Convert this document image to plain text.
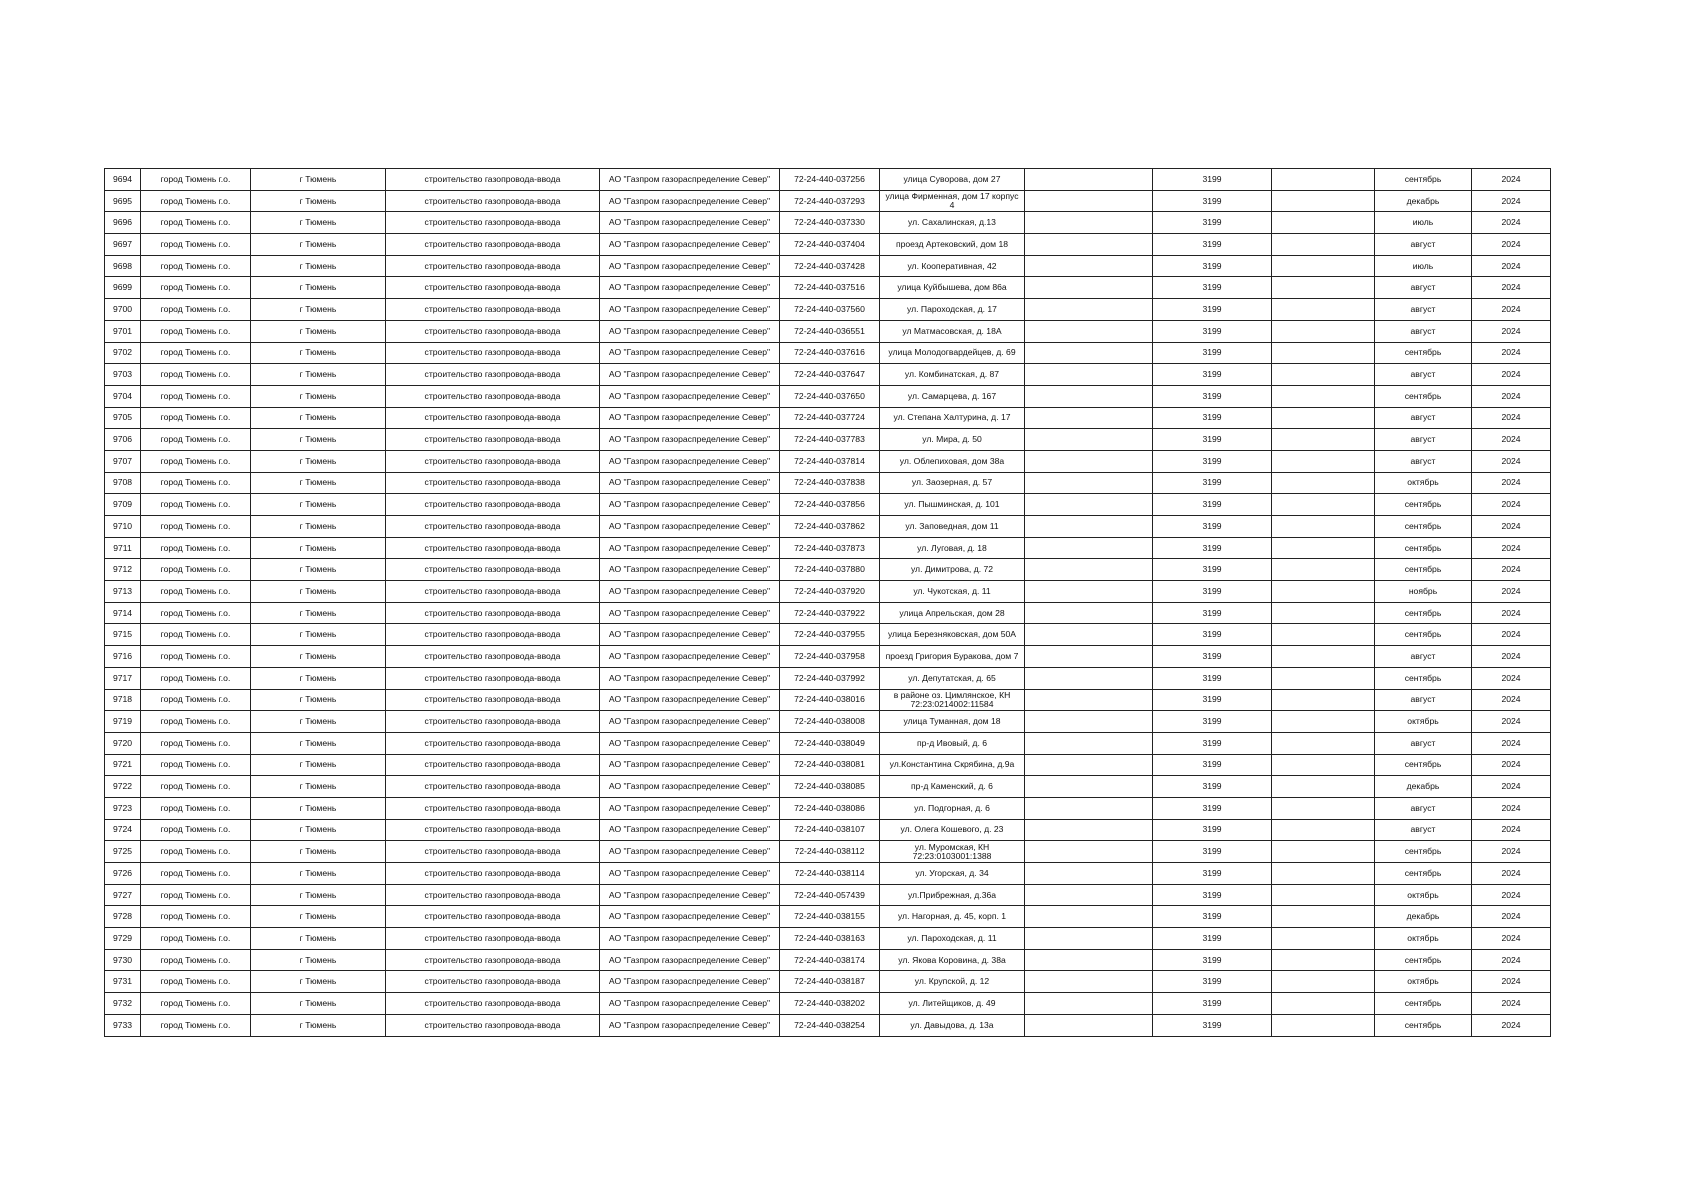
9694	город Тюмень г.о.	г Тюмень	строительство газопровода-ввода	АО "Газпром газораспределение Север"	72-24-440-037256	улица Суворова, дом 27		3199		сентябрь	2024
9695	город Тюмень г.о.	г Тюмень	строительство газопровода-ввода	АО "Газпром газораспределение Север"	72-24-440-037293	улица Фирменная, дом 17 корпус 4		3199		декабрь	2024
9696	город Тюмень г.о.	г Тюмень	строительство газопровода-ввода	АО "Газпром газораспределение Север"	72-24-440-037330	ул. Сахалинская, д.13		3199		июль	2024
9697	город Тюмень г.о.	г Тюмень	строительство газопровода-ввода	АО "Газпром газораспределение Север"	72-24-440-037404	проезд Артековский, дом 18		3199		август	2024
9698	город Тюмень г.о.	г Тюмень	строительство газопровода-ввода	АО "Газпром газораспределение Север"	72-24-440-037428	ул. Кооперативная, 42		3199		июль	2024
9699	город Тюмень г.о.	г Тюмень	строительство газопровода-ввода	АО "Газпром газораспределение Север"	72-24-440-037516	улица Куйбышева, дом 86а		3199		август	2024
9700	город Тюмень г.о.	г Тюмень	строительство газопровода-ввода	АО "Газпром газораспределение Север"	72-24-440-037560	ул. Пароходская, д. 17		3199		август	2024
9701	город Тюмень г.о.	г Тюмень	строительство газопровода-ввода	АО "Газпром газораспределение Север"	72-24-440-036551	ул Матмасовская, д. 18А		3199		август	2024
9702	город Тюмень г.о.	г Тюмень	строительство газопровода-ввода	АО "Газпром газораспределение Север"	72-24-440-037616	улица Молодогвардейцев, д. 69		3199		сентябрь	2024
9703	город Тюмень г.о.	г Тюмень	строительство газопровода-ввода	АО "Газпром газораспределение Север"	72-24-440-037647	ул. Комбинатская, д. 87		3199		август	2024
9704	город Тюмень г.о.	г Тюмень	строительство газопровода-ввода	АО "Газпром газораспределение Север"	72-24-440-037650	ул. Самарцева, д. 167		3199		сентябрь	2024
9705	город Тюмень г.о.	г Тюмень	строительство газопровода-ввода	АО "Газпром газораспределение Север"	72-24-440-037724	ул. Степана Халтурина, д. 17		3199		август	2024
9706	город Тюмень г.о.	г Тюмень	строительство газопровода-ввода	АО "Газпром газораспределение Север"	72-24-440-037783	ул. Мира, д. 50		3199		август	2024
9707	город Тюмень г.о.	г Тюмень	строительство газопровода-ввода	АО "Газпром газораспределение Север"	72-24-440-037814	ул. Облепиховая, дом 38а		3199		август	2024
9708	город Тюмень г.о.	г Тюмень	строительство газопровода-ввода	АО "Газпром газораспределение Север"	72-24-440-037838	ул. Заозерная, д. 57		3199		октябрь	2024
9709	город Тюмень г.о.	г Тюмень	строительство газопровода-ввода	АО "Газпром газораспределение Север"	72-24-440-037856	ул. Пышминская, д. 101		3199		сентябрь	2024
9710	город Тюмень г.о.	г Тюмень	строительство газопровода-ввода	АО "Газпром газораспределение Север"	72-24-440-037862	ул. Заповедная, дом 11		3199		сентябрь	2024
9711	город Тюмень г.о.	г Тюмень	строительство газопровода-ввода	АО "Газпром газораспределение Север"	72-24-440-037873	ул. Луговая, д. 18		3199		сентябрь	2024
9712	город Тюмень г.о.	г Тюмень	строительство газопровода-ввода	АО "Газпром газораспределение Север"	72-24-440-037880	ул. Димитрова, д. 72		3199		сентябрь	2024
9713	город Тюмень г.о.	г Тюмень	строительство газопровода-ввода	АО "Газпром газораспределение Север"	72-24-440-037920	ул. Чукотская, д. 11		3199		ноябрь	2024
9714	город Тюмень г.о.	г Тюмень	строительство газопровода-ввода	АО "Газпром газораспределение Север"	72-24-440-037922	улица Апрельская, дом 28		3199		сентябрь	2024
9715	город Тюмень г.о.	г Тюмень	строительство газопровода-ввода	АО "Газпром газораспределение Север"	72-24-440-037955	улица Березняковская, дом 50А		3199		сентябрь	2024
9716	город Тюмень г.о.	г Тюмень	строительство газопровода-ввода	АО "Газпром газораспределение Север"	72-24-440-037958	проезд Григория Буракова, дом 7		3199		август	2024
9717	город Тюмень г.о.	г Тюмень	строительство газопровода-ввода	АО "Газпром газораспределение Север"	72-24-440-037992	ул. Депутатская, д. 65		3199		сентябрь	2024
9718	город Тюмень г.о.	г Тюмень	строительство газопровода-ввода	АО "Газпром газораспределение Север"	72-24-440-038016	в районе оз. Цимлянское, КН 72:23:0214002:11584		3199		август	2024
9719	город Тюмень г.о.	г Тюмень	строительство газопровода-ввода	АО "Газпром газораспределение Север"	72-24-440-038008	улица Туманная, дом 18		3199		октябрь	2024
9720	город Тюмень г.о.	г Тюмень	строительство газопровода-ввода	АО "Газпром газораспределение Север"	72-24-440-038049	пр-д Ивовый, д. 6		3199		август	2024
9721	город Тюмень г.о.	г Тюмень	строительство газопровода-ввода	АО "Газпром газораспределение Север"	72-24-440-038081	ул.Константина Скрябина, д.9а		3199		сентябрь	2024
9722	город Тюмень г.о.	г Тюмень	строительство газопровода-ввода	АО "Газпром газораспределение Север"	72-24-440-038085	пр-д Каменский, д. 6		3199		декабрь	2024
9723	город Тюмень г.о.	г Тюмень	строительство газопровода-ввода	АО "Газпром газораспределение Север"	72-24-440-038086	ул. Подгорная, д. 6		3199		август	2024
9724	город Тюмень г.о.	г Тюмень	строительство газопровода-ввода	АО "Газпром газораспределение Север"	72-24-440-038107	ул. Олега Кошевого, д. 23		3199		август	2024
9725	город Тюмень г.о.	г Тюмень	строительство газопровода-ввода	АО "Газпром газораспределение Север"	72-24-440-038112	ул. Муромская, КН 72:23:0103001:1388		3199		сентябрь	2024
9726	город Тюмень г.о.	г Тюмень	строительство газопровода-ввода	АО "Газпром газораспределение Север"	72-24-440-038114	ул. Угорская, д. 34		3199		сентябрь	2024
9727	город Тюмень г.о.	г Тюмень	строительство газопровода-ввода	АО "Газпром газораспределение Север"	72-24-440-057439	ул.Прибрежная, д.36а		3199		октябрь	2024
9728	город Тюмень г.о.	г Тюмень	строительство газопровода-ввода	АО "Газпром газораспределение Север"	72-24-440-038155	ул. Нагорная, д. 45, корп. 1		3199		декабрь	2024
9729	город Тюмень г.о.	г Тюмень	строительство газопровода-ввода	АО "Газпром газораспределение Север"	72-24-440-038163	ул. Пароходская, д. 11		3199		октябрь	2024
9730	город Тюмень г.о.	г Тюмень	строительство газопровода-ввода	АО "Газпром газораспределение Север"	72-24-440-038174	ул. Якова Коровина, д. 38а		3199		сентябрь	2024
9731	город Тюмень г.о.	г Тюмень	строительство газопровода-ввода	АО "Газпром газораспределение Север"	72-24-440-038187	ул. Крупской, д. 12		3199		октябрь	2024
9732	город Тюмень г.о.	г Тюмень	строительство газопровода-ввода	АО "Газпром газораспределение Север"	72-24-440-038202	ул. Литейщиков, д. 49		3199		сентябрь	2024
9733	город Тюмень г.о.	г Тюмень	строительство газопровода-ввода	АО "Газпром газораспределение Север"	72-24-440-038254	ул. Давыдова, д. 13а		3199		сентябрь	2024
